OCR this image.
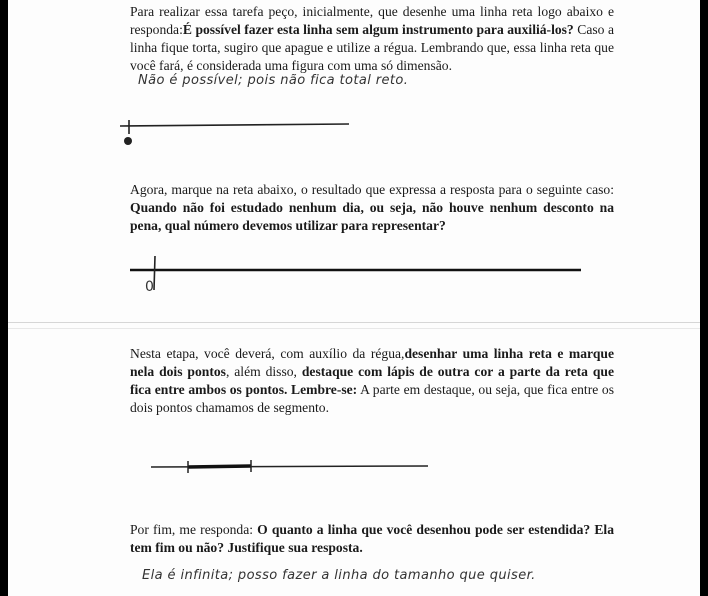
Para realizar essa tarefa peço, inicialmente, que desenhe uma linha reta logo abaixo e responda:É possível fazer esta linha sem algum instrumento para auxiliá-los? Caso a linha fique torta, sugiro que apague e utilize a régua. Lembrando que, essa linha reta que você fará, é considerada uma figura com uma só dimensão.

Não é possível; pois não fica total reto.

Agora, marque na reta abaixo, o resultado que expressa a resposta para o seguinte caso: Quando não foi estudado nenhum dia, ou seja, não houve nenhum desconto na pena, qual número devemos utilizar para representar?

Nesta etapa, você deverá, com auxílio da régua,desenhar uma linha reta e marque nela dois pontos, além disso, destaque com lápis de outra cor a parte da reta que fica entre ambos os pontos. Lembre-se: A parte em destaque, ou seja, que fica entre os dois pontos chamamos de segmento.

Por fim, me responda: O quanto a linha que você desenhou pode ser estendida? Ela tem fim ou não? Justifique sua resposta.

Ela é infinita; posso fazer a linha do tamanho que quiser.
0
